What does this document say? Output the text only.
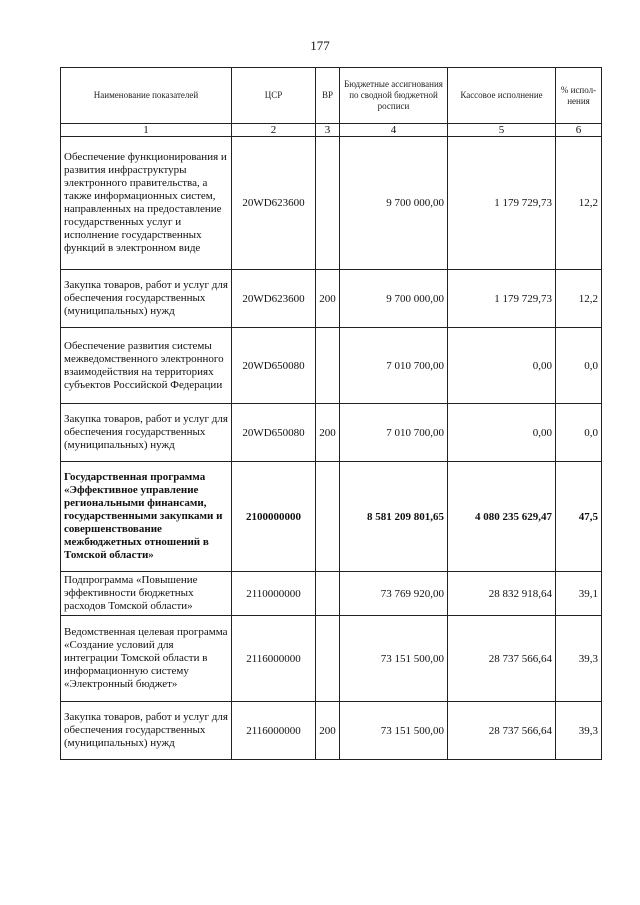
177
Наименование показателей	ЦСР	ВР	Бюджетные ассигнования по сводной бюджетной росписи	Кассовое исполнение	% испол-нения
1	2	3	4	5	6
Обеспечение функционирования и развития инфраструктуры электронного правительства, а также информационных систем, направленных на предоставление государственных услуг и исполнение государственных функций в электронном виде	20WD623600		9 700 000,00	1 179 729,73	12,2
Закупка товаров, работ и услуг для обеспечения государственных (муниципальных) нужд	20WD623600	200	9 700 000,00	1 179 729,73	12,2
Обеспечение развития системы межведомственного электронного взаимодействия на территориях субъектов Российской Федерации	20WD650080		7 010 700,00	0,00	0,0
Закупка товаров, работ и услуг для обеспечения государственных (муниципальных) нужд	20WD650080	200	7 010 700,00	0,00	0,0
Государственная программа «Эффективное управление региональными финансами, государственными закупками и совершенствование межбюджетных отношений в Томской области»	2100000000		8 581 209 801,65	4 080 235 629,47	47,5
Подпрограмма «Повышение эффективности бюджетных расходов Томской области»	2110000000		73 769 920,00	28 832 918,64	39,1
Ведомственная целевая программа «Создание условий для интеграции Томской области в информационную систему «Электронный бюджет»	2116000000		73 151 500,00	28 737 566,64	39,3
Закупка товаров, работ и услуг для обеспечения государственных (муниципальных) нужд	2116000000	200	73 151 500,00	28 737 566,64	39,3
